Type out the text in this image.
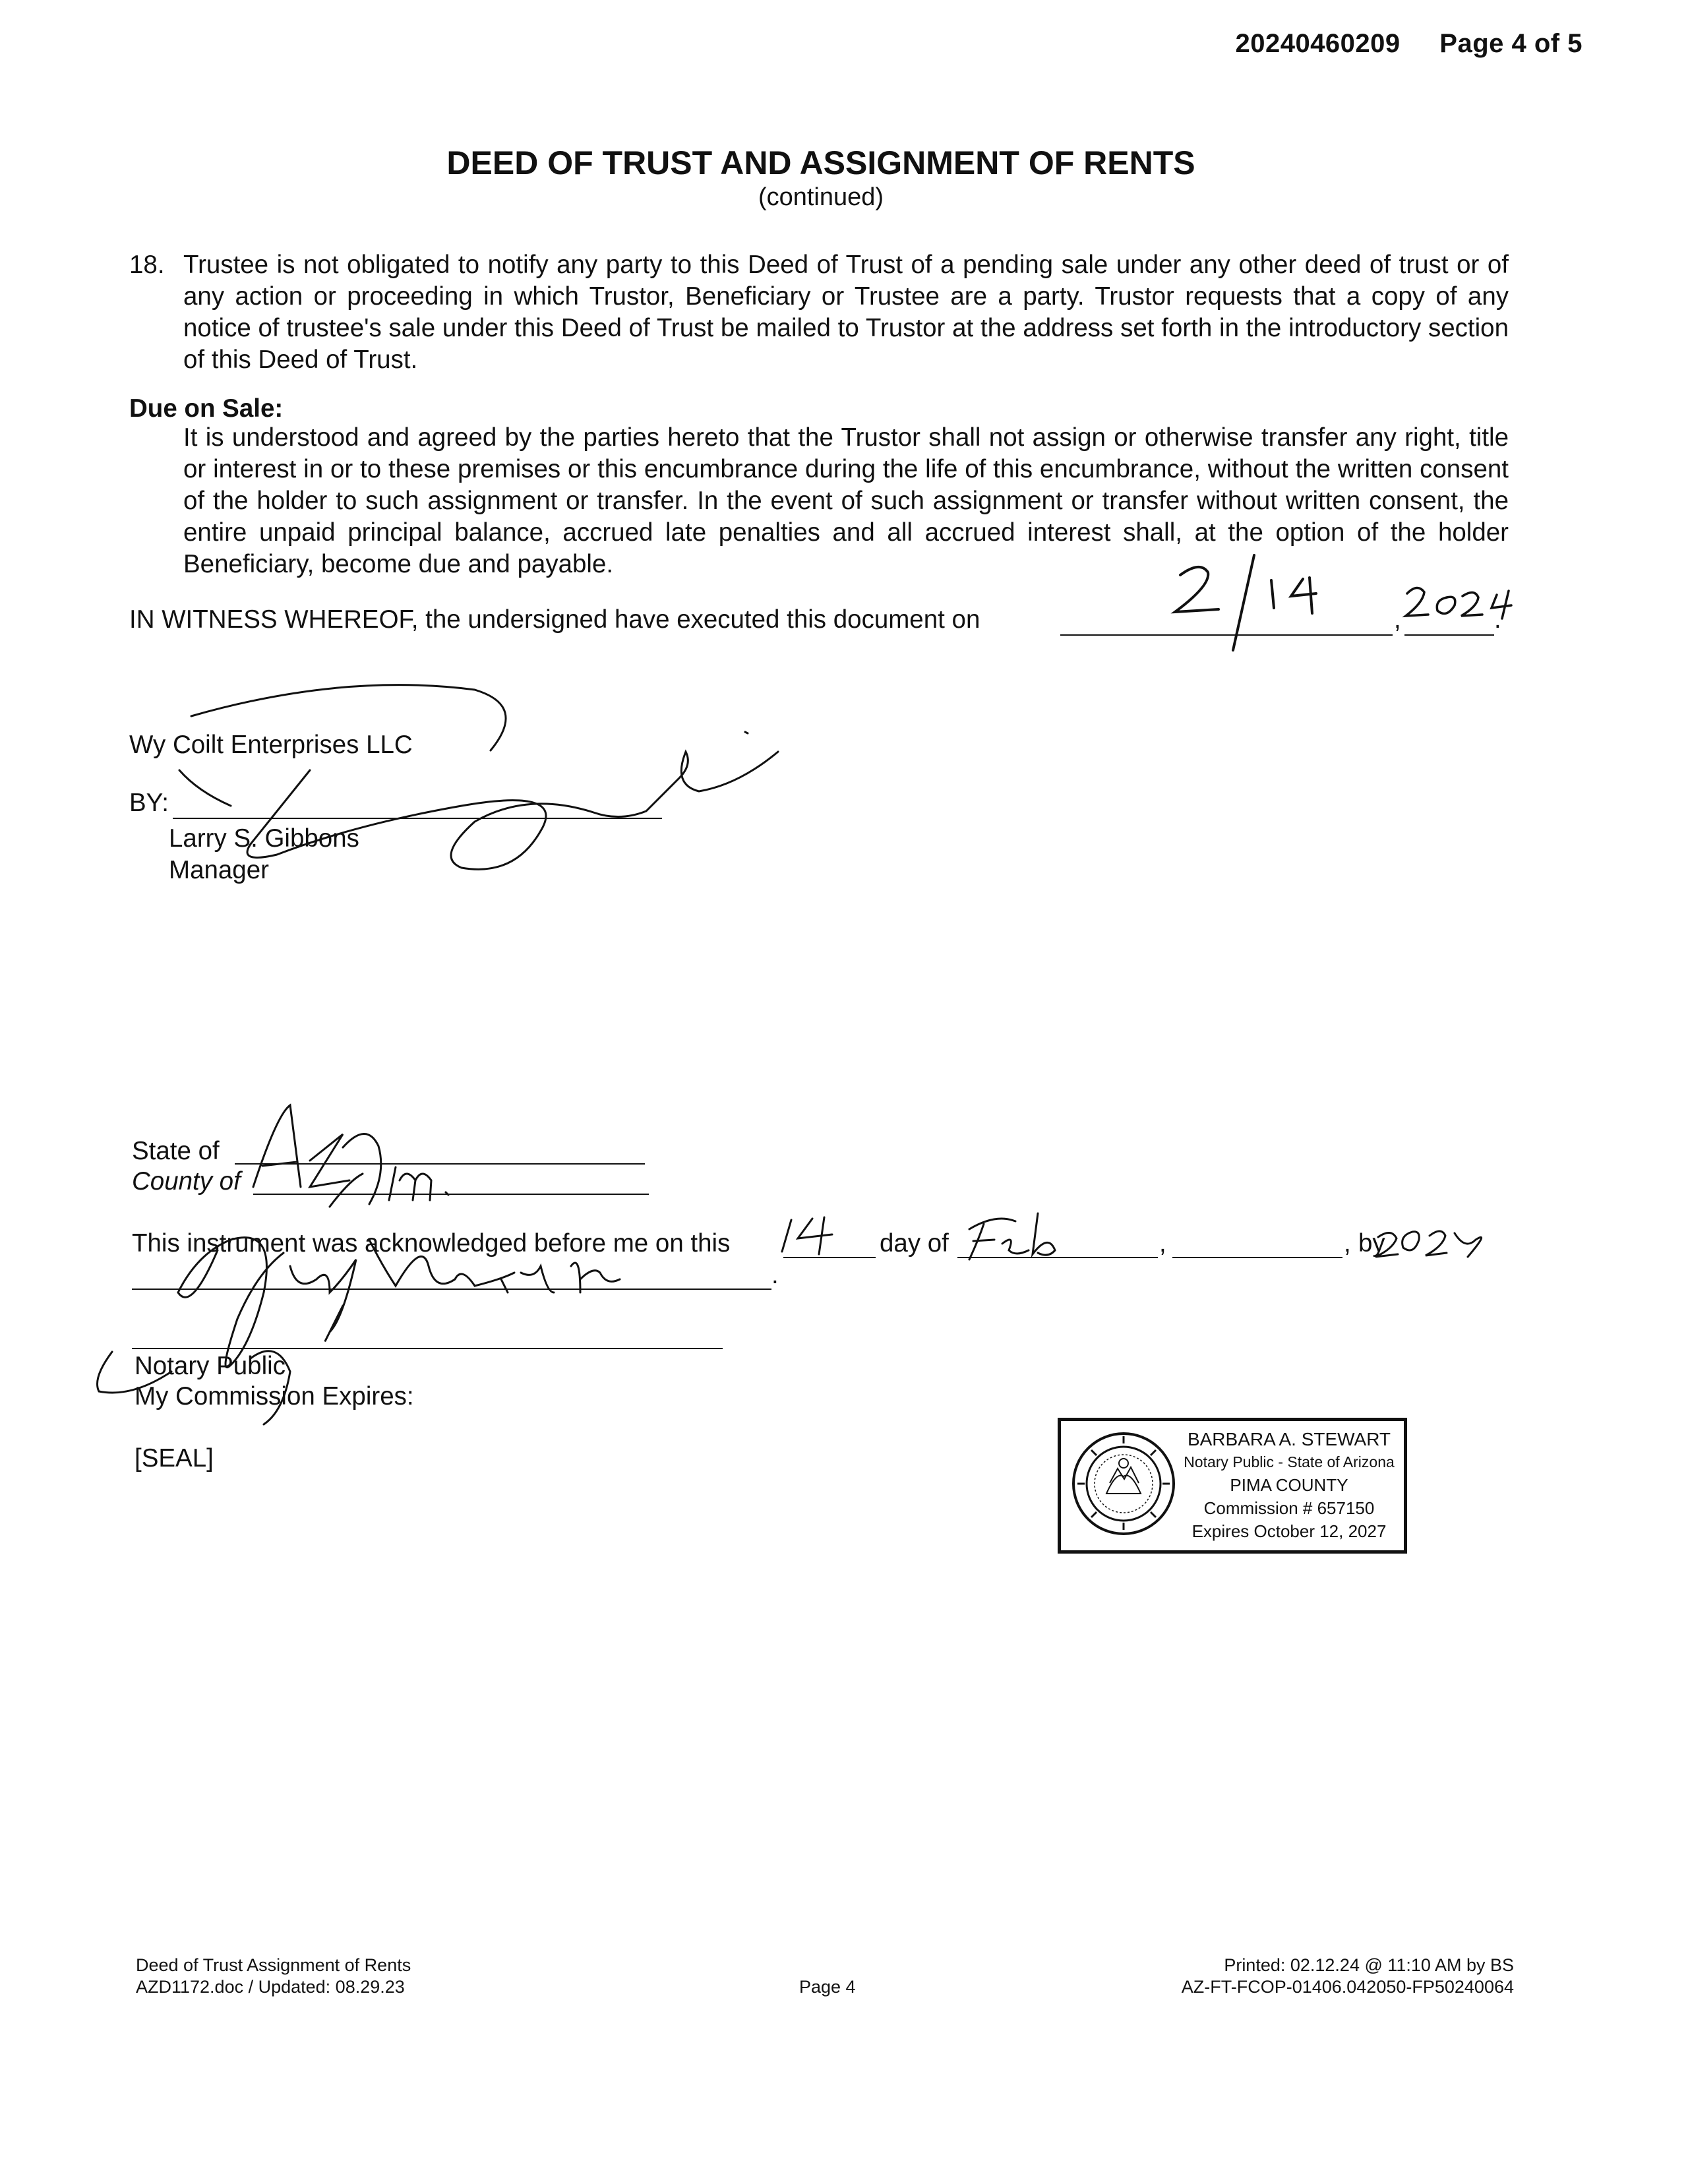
20240460209 Page 4 of 5
DEED OF TRUST AND ASSIGNMENT OF RENTS
(continued)
18. Trustee is not obligated to notify any party to this Deed of Trust of a pending sale under any other deed of trust or of any action or proceeding in which Trustor, Beneficiary or Trustee are a party. Trustor requests that a copy of any notice of trustee's sale under this Deed of Trust be mailed to Trustor at the address set forth in the introductory section of this Deed of Trust.
Due on Sale:
It is understood and agreed by the parties hereto that the Trustor shall not assign or otherwise transfer any right, title or interest in or to these premises or this encumbrance during the life of this encumbrance, without the written consent of the holder to such assignment or transfer. In the event of such assignment or transfer without written consent, the entire unpaid principal balance, accrued late penalties and all accrued interest shall, at the option of the holder Beneficiary, become due and payable.
IN WITNESS WHEREOF, the undersigned have executed this document on	,	.
Wy Coilt Enterprises LLC
BY:
Larry S. Gibbons
Manager
State of
County of
This instrument was acknowledged before me on this	day of	,	, by
.
Notary Public
My Commission Expires:
[SEAL]
BARBARA A. STEWART
Notary Public - State of Arizona
PIMA COUNTY
Commission # 657150
Expires October 12, 2027
Deed of Trust Assignment of Rents
AZD1172.doc / Updated: 08.29.23	Page 4
Printed: 02.12.24 @ 11:10 AM by BS
AZ-FT-FCOP-01406.042050-FP50240064
